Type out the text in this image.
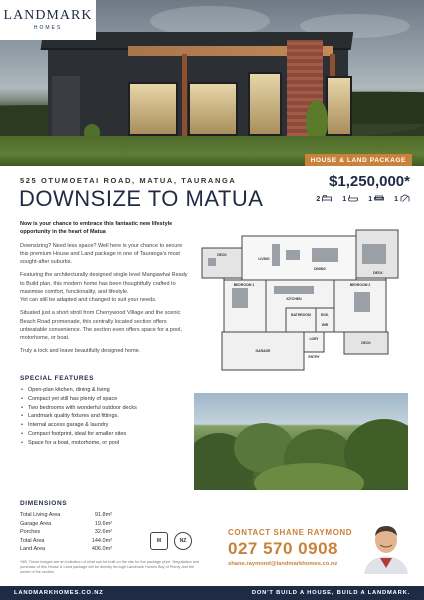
LANDMARK
HOMES
HOUSE & LAND PACKAGE
525 OTUMOETAI ROAD, MATUA, TAURANGA
DOWNSIZE TO MATUA
$1,250,000*
2	1	1	1
Now is your chance to embrace this fantastic new lifestyle opportunity in the heart of Matua

Downsizing? Need less space? Well here is your chance to secure this premium House and Land package in one of Tauranga's most sought-after suburbs.

Featuring the architecturally designed single level Mangawhai Ready to Build plan, this modern home has been thoughtfully crafted to maximise comfort, functionality, and lifestyle.
Yet can still be adapted and changed to suit your needs.

Situated just a short stroll from Cherrywood Village and the scenic Beach Road promenade, this centrally located section offers unbeatable convenience. The section even offers space for a pool, motorhome, or boat.

Truly a lock and leave beautifully designed home.

DECK
LIVING
DINING
DECK
BEDROOM 1
KITCHEN
BEDROOM 2
BATHROOM	ENS.
WIR
GARAGE
LDRY
ENTRY
DECK
SPECIAL FEATURES
• Open-plan kitchen, dining & living
• Compact yet still has plenty of space
• Two bedrooms with wonderful outdoor decks
• Landmark quality fixtures and fittings.
• Internal access garage & laundry
• Compact footprint, ideal for smaller sites
• Space for a boat, motorhome, or pool
DIMENSIONS
Total Living Area	91.8m²
Garage Area	19.6m²
Porches	32.6m²
Total Area	144.0m²
Land Area	406.0m²
*NB. These images are an indication of what can be built on the site for the package price. Negotiation and purchase of this House & Land package will be directly through Landmark Homes Bay of Plenty and the owner of the section.
M	NZ
CONTACT SHANE RAYMOND
027 570 0908
shane.raymond@landmarkhomes.co.nz
LANDMARKHOMES.CO.NZ	DON'T BUILD A HOUSE, BUILD A LANDMARK.
